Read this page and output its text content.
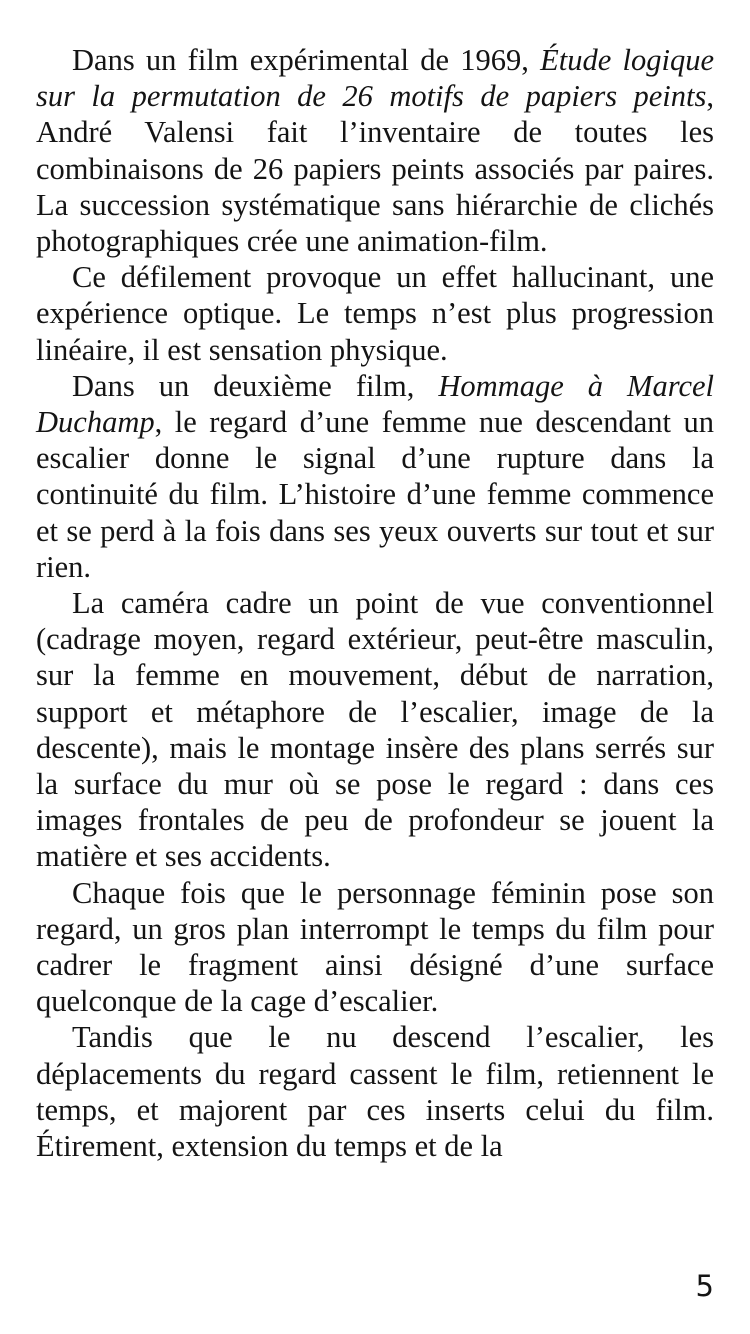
Dans un film expérimental de 1969, Étude logique sur la permutation de 26 motifs de papiers peints, André Valensi fait l’inventaire de toutes les combinaisons de 26 papiers peints associés par paires. La succession systématique sans hiérarchie de clichés photographiques crée une animation-film.

Ce défilement provoque un effet hallucinant, une expérience optique. Le temps n’est plus progression linéaire, il est sensation physique.

Dans un deuxième film, Hommage à Marcel Duchamp, le regard d’une femme nue descendant un escalier donne le signal d’une rupture dans la continuité du film. L’histoire d’une femme commence et se perd à la fois dans ses yeux ouverts sur tout et sur rien.

La caméra cadre un point de vue conventionnel (cadrage moyen, regard extérieur, peut-être masculin, sur la femme en mouvement, début de narration, support et métaphore de l’escalier, image de la descente), mais le montage insère des plans serrés sur la surface du mur où se pose le regard : dans ces images frontales de peu de profondeur se jouent la matière et ses accidents.

Chaque fois que le personnage féminin pose son regard, un gros plan interrompt le temps du film pour cadrer le fragment ainsi désigné d’une surface quelconque de la cage d’escalier.

Tandis que le nu descend l’escalier, les déplacements du regard cassent le film, retiennent le temps, et majorent par ces inserts celui du film. Étirement, extension du temps et de la

5
